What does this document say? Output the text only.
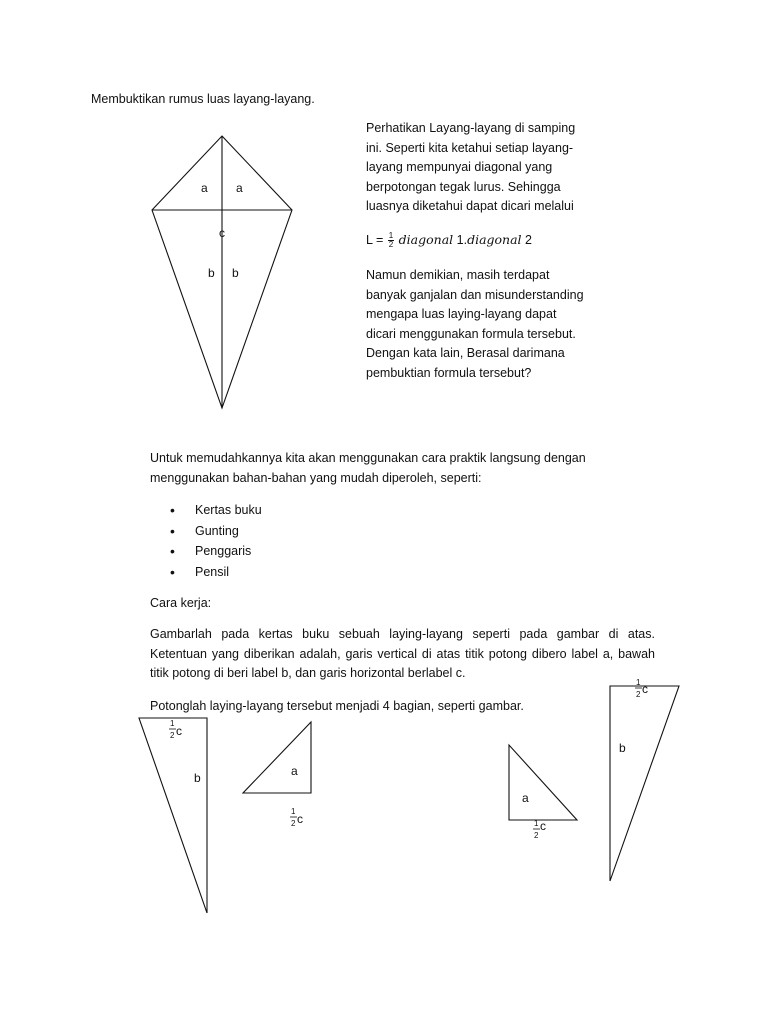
Membuktikan rumus luas layang-layang.

Perhatikan Layang-layang di samping ini. Seperti kita ketahui setiap layang-layang mempunyai diagonal yang berpotongan tegak lurus. Sehingga luasnya diketahui dapat dicari melalui

$L = \frac{1}{2}$ diagonal 1.diagonal 2

Namun demikian, masih terdapat banyak ganjalan dan misunderstanding mengapa luas laying-layang dapat dicari menggunakan formula tersebut. Dengan kata lain, Berasal darimana pembuktian formula tersebut?

Untuk memudahkannya kita akan menggunakan cara praktik langsung dengan menggunakan bahan-bahan yang mudah diperoleh, seperti:

• Kertas buku
• Gunting
• Penggaris
• Pensil

Cara kerja:

Gambarlah pada kertas buku sebuah laying-layang seperti pada gambar di atas. Ketentuan yang diberikan adalah, garis vertical di atas titik potong dibero label a, bawah titik potong di beri label b, dan garis horizontal berlabel c.

Potonglah laying-layang tersebut menjadi 4 bagian, seperti gambar.

a a
c
b b
1
2 c
b	a
1
2 c
a
1
2
c
1
2 c
b
